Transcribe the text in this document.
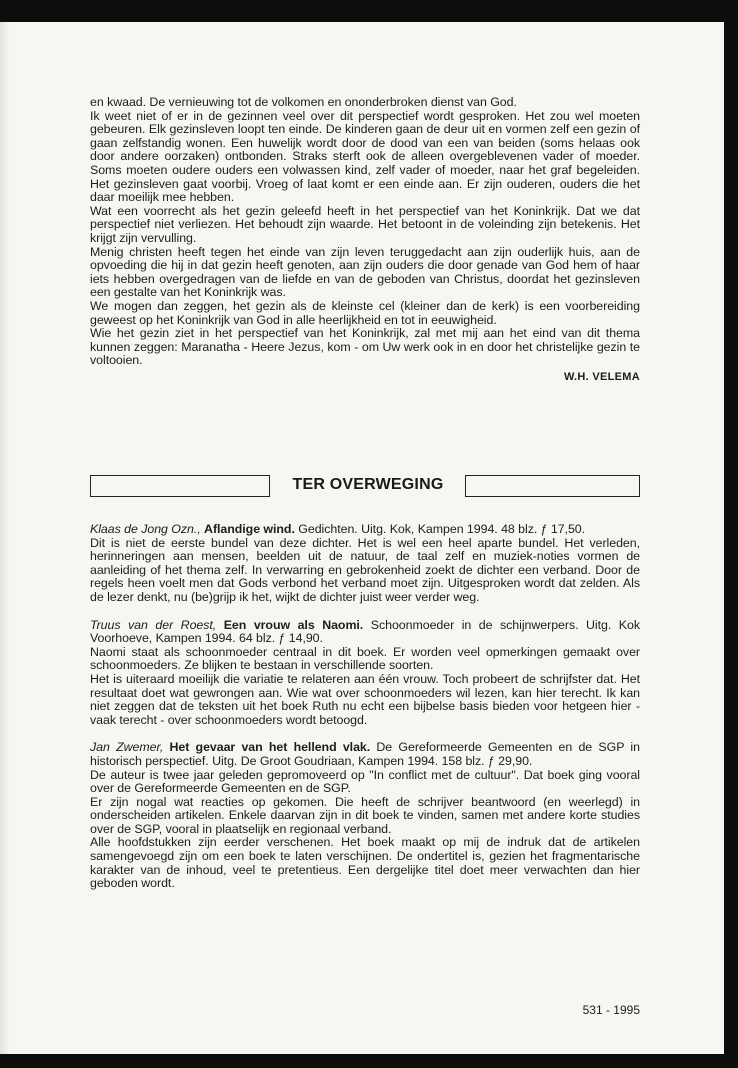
en kwaad. De vernieuwing tot de volkomen en ononderbroken dienst van God.

Ik weet niet of er in de gezinnen veel over dit perspectief wordt gesproken. Het zou wel moeten gebeuren. Elk gezinsleven loopt ten einde. De kinderen gaan de deur uit en vormen zelf een gezin of gaan zelfstandig wonen. Een huwelijk wordt door de dood van een van beiden (soms helaas ook door andere oorzaken) ontbonden. Straks sterft ook de alleen overgeblevenen vader of moeder. Soms moeten oudere ouders een volwassen kind, zelf vader of moeder, naar het graf begeleiden. Het gezinsleven gaat voorbij. Vroeg of laat komt er een einde aan. Er zijn ouderen, ouders die het daar moeilijk mee hebben.

Wat een voorrecht als het gezin geleefd heeft in het perspectief van het Koninkrijk. Dat we dat perspectief niet verliezen. Het behoudt zijn waarde. Het betoont in de voleinding zijn betekenis. Het krijgt zijn vervulling.

Menig christen heeft tegen het einde van zijn leven teruggedacht aan zijn ouderlijk huis, aan de opvoeding die hij in dat gezin heeft genoten, aan zijn ouders die door genade van God hem of haar iets hebben overgedragen van de liefde en van de geboden van Christus, doordat het gezinsleven een gestalte van het Koninkrijk was.

We mogen dan zeggen, het gezin als de kleinste cel (kleiner dan de kerk) is een voorbereiding geweest op het Koninkrijk van God in alle heerlijkheid en tot in eeuwigheid.

Wie het gezin ziet in het perspectief van het Koninkrijk, zal met mij aan het eind van dit thema kunnen zeggen: Maranatha - Heere Jezus, kom - om Uw werk ook in en door het christelijke gezin te voltooien.

W.H. VELEMA
TER OVERWEGING

Klaas de Jong Ozn., Aflandige wind. Gedichten. Uitg. Kok, Kampen 1994. 48 blz. ƒ 17,50.

Dit is niet de eerste bundel van deze dichter. Het is wel een heel aparte bundel. Het verleden, herinneringen aan mensen, beelden uit de natuur, de taal zelf en muziek-noties vormen de aanleiding of het thema zelf. In verwarring en gebrokenheid zoekt de dichter een verband. Door de regels heen voelt men dat Gods verbond het verband moet zijn. Uitgesproken wordt dat zelden. Als de lezer denkt, nu (be)grijp ik het, wijkt de dichter juist weer verder weg.

Truus van der Roest, Een vrouw als Naomi. Schoonmoeder in de schijnwerpers. Uitg. Kok Voorhoeve, Kampen 1994. 64 blz. ƒ 14,90.

Naomi staat als schoonmoeder centraal in dit boek. Er worden veel opmerkingen gemaakt over schoonmoeders. Ze blijken te bestaan in verschillende soorten.

Het is uiteraard moeilijk die variatie te relateren aan één vrouw. Toch probeert de schrijfster dat. Het resultaat doet wat gewrongen aan. Wie wat over schoonmoeders wil lezen, kan hier terecht. Ik kan niet zeggen dat de teksten uit het boek Ruth nu echt een bijbelse basis bieden voor hetgeen hier - vaak terecht - over schoonmoeders wordt betoogd.

Jan Zwemer, Het gevaar van het hellend vlak. De Gereformeerde Gemeenten en de SGP in historisch perspectief. Uitg. De Groot Goudriaan, Kampen 1994. 158 blz. ƒ 29,90.

De auteur is twee jaar geleden gepromoveerd op "In conflict met de cultuur". Dat boek ging vooral over de Gereformeerde Gemeenten en de SGP.

Er zijn nogal wat reacties op gekomen. Die heeft de schrijver beantwoord (en weerlegd) in onderscheiden artikelen. Enkele daarvan zijn in dit boek te vinden, samen met andere korte studies over de SGP, vooral in plaatselijk en regionaal verband.

Alle hoofdstukken zijn eerder verschenen. Het boek maakt op mij de indruk dat de artikelen samengevoegd zijn om een boek te laten verschijnen. De ondertitel is, gezien het fragmentarische karakter van de inhoud, veel te pretentieus. Een dergelijke titel doet meer verwachten dan hier geboden wordt.

531 - 1995
